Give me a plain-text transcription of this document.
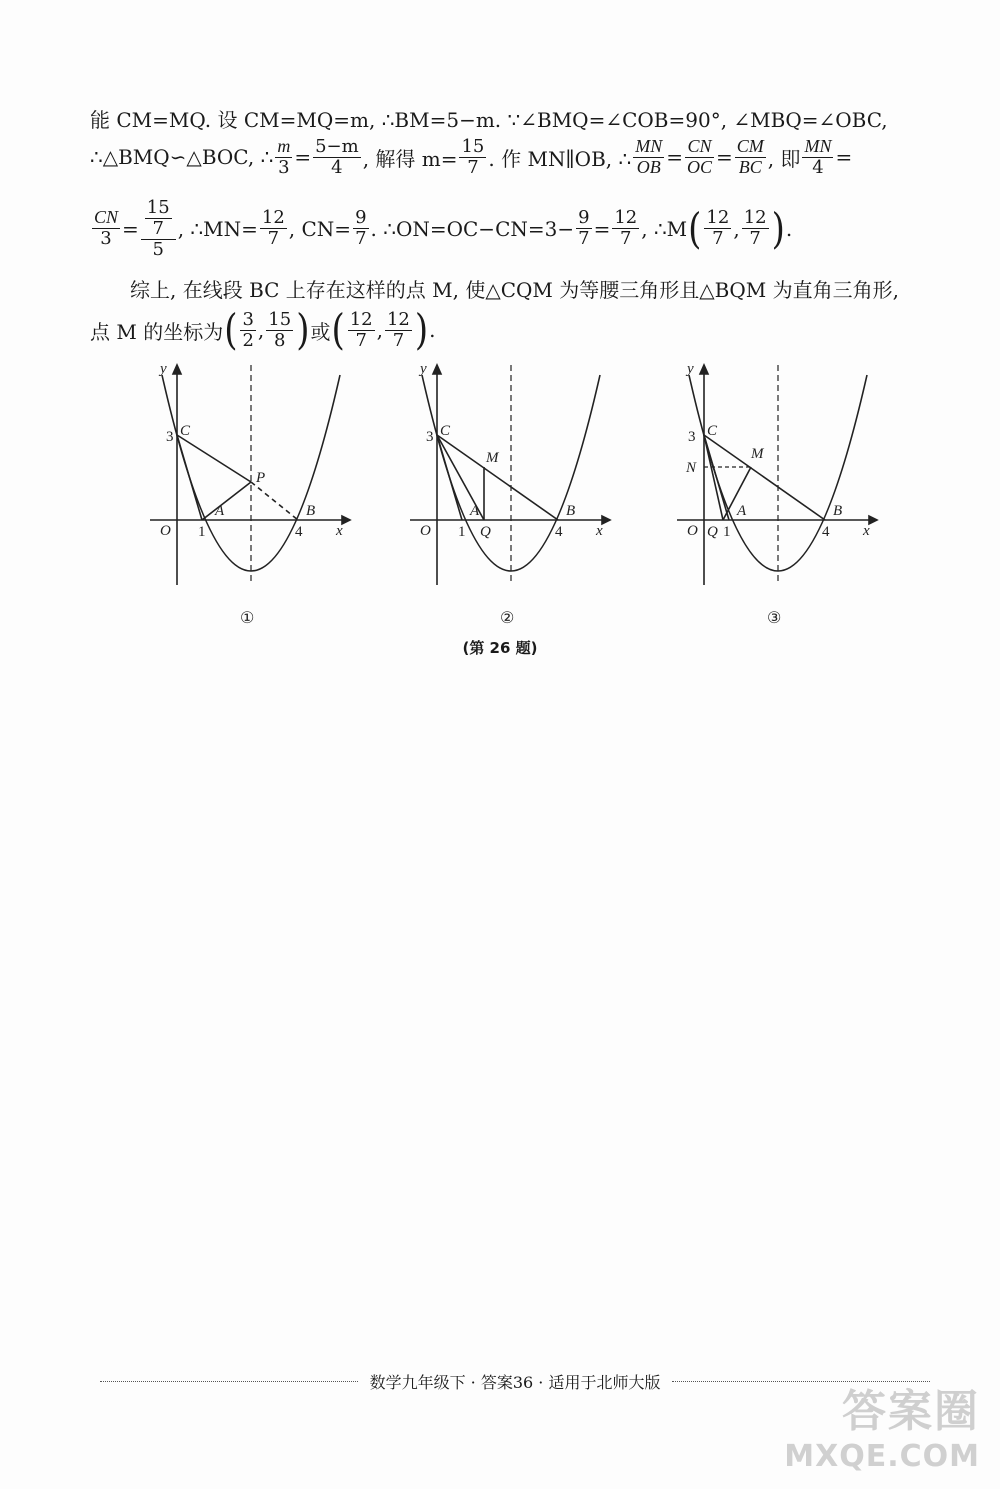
能 CM=MQ. 设 CM=MQ=m, ∴BM=5−m. ∵∠BMQ=∠COB=90°, ∠MBQ=∠OBC,
∴△BMQ∽△BOC, ∴ $\frac{m}{3} = \frac{5-m}{4}$ , 解得 $m= \frac{15}{7}$ . 作 MN∥OB, ∴ $\frac{MN}{OB} = \frac{CN}{OC} = \frac{CM}{BC}$ , 即 $\frac{MN}{4}$ =
$\frac{CN}{3} = \frac{\frac{15}{7}}{5}$ , ∴MN= $\frac{12}{7}$ , $CN= \frac{9}{7}$ . ∴ON=OC−CN=3− $\frac{9}{7} = \frac{12}{7}$ , ∴M ( $\frac{12}{7}$ , $\frac{12}{7}$ ) .
综上, 在线段 BC 上存在这样的点 M, 使△CQM 为等腰三角形且△BQM 为直角三角形,
点 M 的坐标为 ( $\frac{3}{2}$ , $\frac{15}{8}$ ) 或 ( $\frac{12}{7}$ , $\frac{12}{7}$ ) .
O 1	4
3 C
A	B
P
x
y
①
O 1 Q	4
3 C
A	B
M
x
y
②
O Q 1	4
3 C
N
A	B
M
x
y
③
(第 26 题)
数学九年级下 · 答案36 · 适用于北师大版
答案圈
MXQE.COM
